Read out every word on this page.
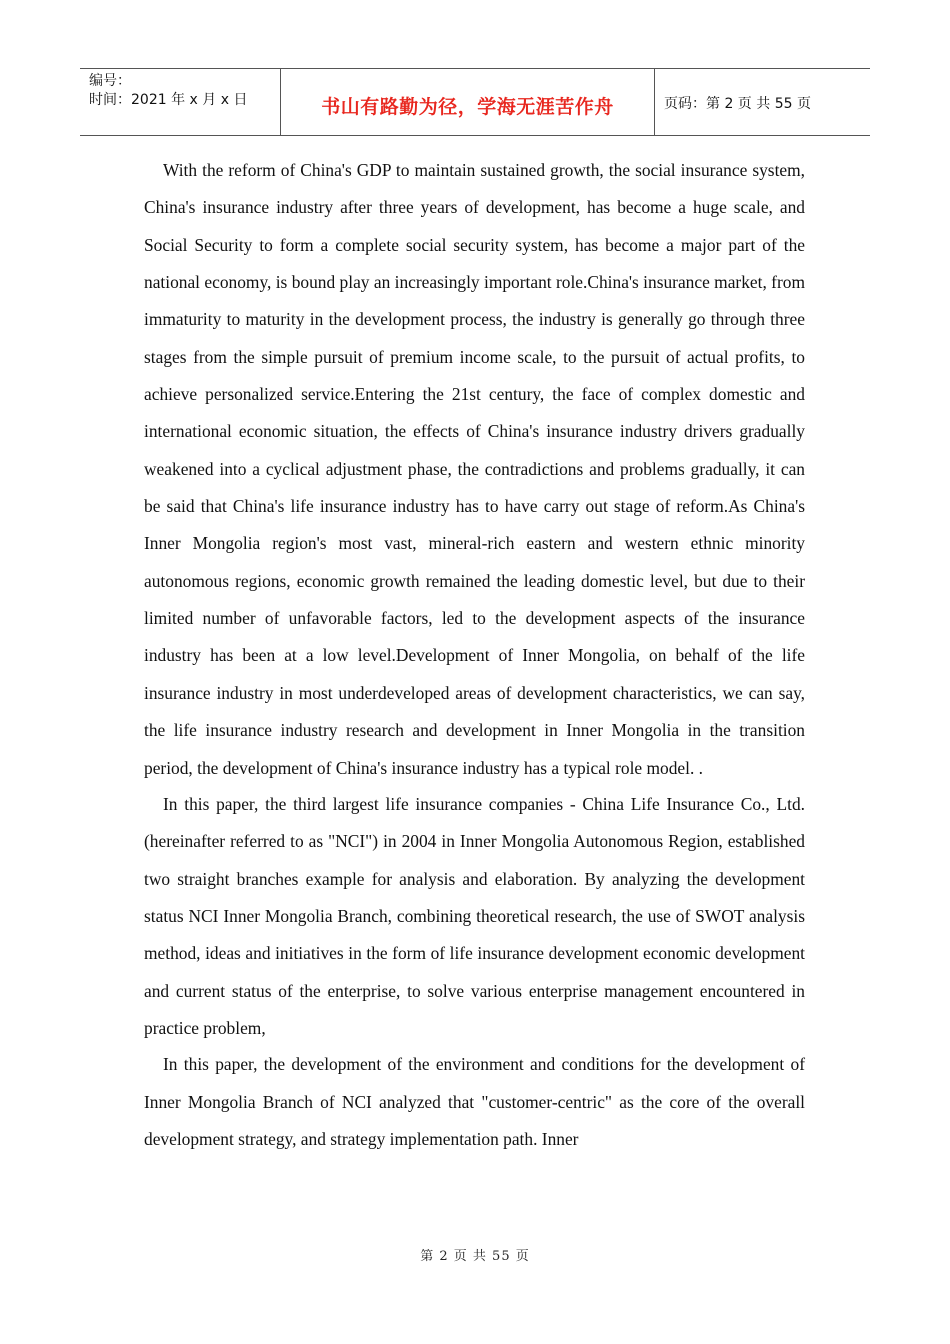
编号：
时间：2021 年 x 月 x 日	书山有路勤为径，学海无涯苦作舟	页码：第 2 页 共 55 页

With the reform of China's GDP to maintain sustained growth, the social insurance system, China's insurance industry after three years of development, has become a huge scale, and Social Security to form a complete social security system, has become a major part of the national economy, is bound play an increasingly important role.China's insurance market, from immaturity to maturity in the development process, the industry is generally go through three stages from the simple pursuit of premium income scale, to the pursuit of actual profits, to achieve personalized service.Entering the 21st century, the face of complex domestic and international economic situation, the effects of China's insurance industry drivers gradually weakened into a cyclical adjustment phase, the contradictions and problems gradually, it can be said that China's life insurance industry has to have carry out stage of reform.As China's Inner Mongolia region's most vast, mineral-rich eastern and western ethnic minority autonomous regions, economic growth remained the leading domestic level, but due to their limited number of unfavorable factors, led to the development aspects of the insurance industry has been at a low level.Development of Inner Mongolia, on behalf of the life insurance industry in most underdeveloped areas of development characteristics, we can say, the life insurance industry research and development in Inner Mongolia in the transition period, the development of China's insurance industry has a typical role model. .

In this paper, the third largest life insurance companies - China Life Insurance Co., Ltd. (hereinafter referred to as "NCI") in 2004 in Inner Mongolia Autonomous Region, established two straight branches example for analysis and elaboration. By analyzing the development status NCI Inner Mongolia Branch, combining theoretical research, the use of SWOT analysis method, ideas and initiatives in the form of life insurance development economic development and current status of the enterprise, to solve various enterprise management encountered in practice problem,

In this paper, the development of the environment and conditions for the development of Inner Mongolia Branch of NCI analyzed that "customer-centric" as the core of the overall development strategy, and strategy implementation path. Inner

第 2 页 共 55 页
